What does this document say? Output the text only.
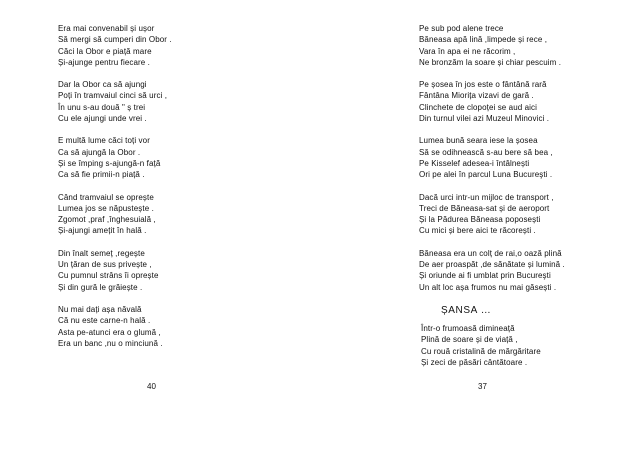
Era mai convenabil și ușor
Să mergi să cumperi din Obor .
Căci la Obor e piață mare
Și-ajunge pentru fiecare .
Dar la Obor ca să ajungi
Poți în tramvaiul cinci să urci ,
În unu s-au două " ș trei
Cu ele ajungi unde vrei .
E multă lume căci toți vor
Ca să ajungă la Obor .
Și se împing s-ajungă-n față
Ca să fie primii-n piață .
Când tramvaiul se oprește
Lumea jos se năpustește .
Zgomot ,praf ,înghesuială ,
Și-ajungi amețit în hală .
Din înalt semeț ,regește
Un țăran de sus privește ,
Cu pumnul strâns îi oprește
Și din gură le grăiește .
Nu mai dați așa năvală
Că nu este carne-n hală .
Asta pe-atunci era o glumă ,
Era un banc ,nu o minciună .
40
Pe sub pod alene trece
Băneasa apă lină ,limpede și rece ,
Vara în apa ei ne răcorim ,
Ne bronzăm la soare și chiar pescuim .
Pe șosea în jos este o fântână rară
Fântâna Miorița vizavi de gară .
Clinchete de clopoței se aud aici
Din turnul vilei azi Muzeul Minovici .
Lumea bună seara iese la șosea
Să se odihnească s-au bere să bea ,
Pe Kisselef adesea-i întâlnești
Ori pe alei în parcul Luna Bucureşti .
Dacă urci intr-un mijloc de transport ,
Treci de Băneasa-sat și de aeroport
Și la Pădurea Băneasa poposești
Cu mici și bere aici te răcorești .
Băneasa era un colț de rai,o oază plină
De aer proaspăt ,de sănătate și lumină .
Și oriunde ai fi umblat prin Bucureşti
Un alt loc așa frumos nu mai găsești .
ȘANSA …
Într-o frumoasă dimineață
Plină de soare și de viață ,
Cu rouă cristalină de mărgăritare
Și zeci de păsări cântătoare .
37
